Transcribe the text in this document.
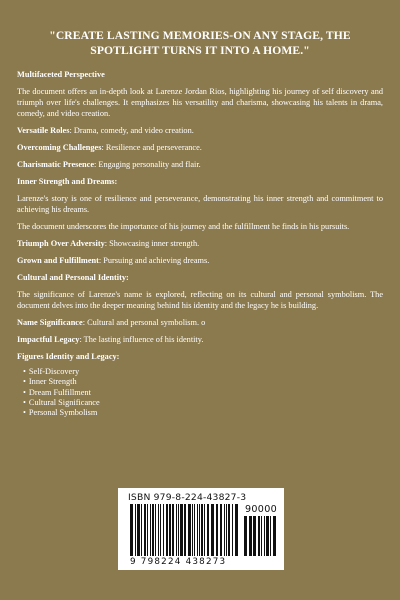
"CREATE LASTING MEMORIES-ON ANY STAGE, THE SPOTLIGHT TURNS IT INTO A HOME."
Multifaceted Perspective
The document offers an in-depth look at Larenze Jordan Rios, highlighting his journey of self discovery and triumph over life's challenges. It emphasizes his versatility and charisma, showcasing his talents in drama, comedy, and video creation.
Versatile Roles: Drama, comedy, and video creation.
Overcoming Challenges: Resilience and perseverance.
Charismatic Presence: Engaging personality and flair.
Inner Strength and Dreams:
Larenze's story is one of resilience and perseverance, demonstrating his inner strength and commitment to achieving his dreams.
The document underscores the importance of his journey and the fulfillment he finds in his pursuits.
Triumph Over Adversity: Showcasing inner strength.
Grown and Fulfillment: Pursuing and achieving dreams.
Cultural and Personal Identity:
The significance of Larenze's name is explored, reflecting on its cultural and personal symbolism. The document delves into the deeper meaning behind his identity and the legacy he is building.
Name Significance: Cultural and personal symbolism. o
Impactful Legacy: The lasting influence of his identity.
Figures Identity and Legacy:
• Self-Discovery
• Inner Strength
• Dream Fulfillment
• Cultural Significance
• Personal Symbolism
ISBN 979-8-224-43827-3
90000
9 798224 438273
